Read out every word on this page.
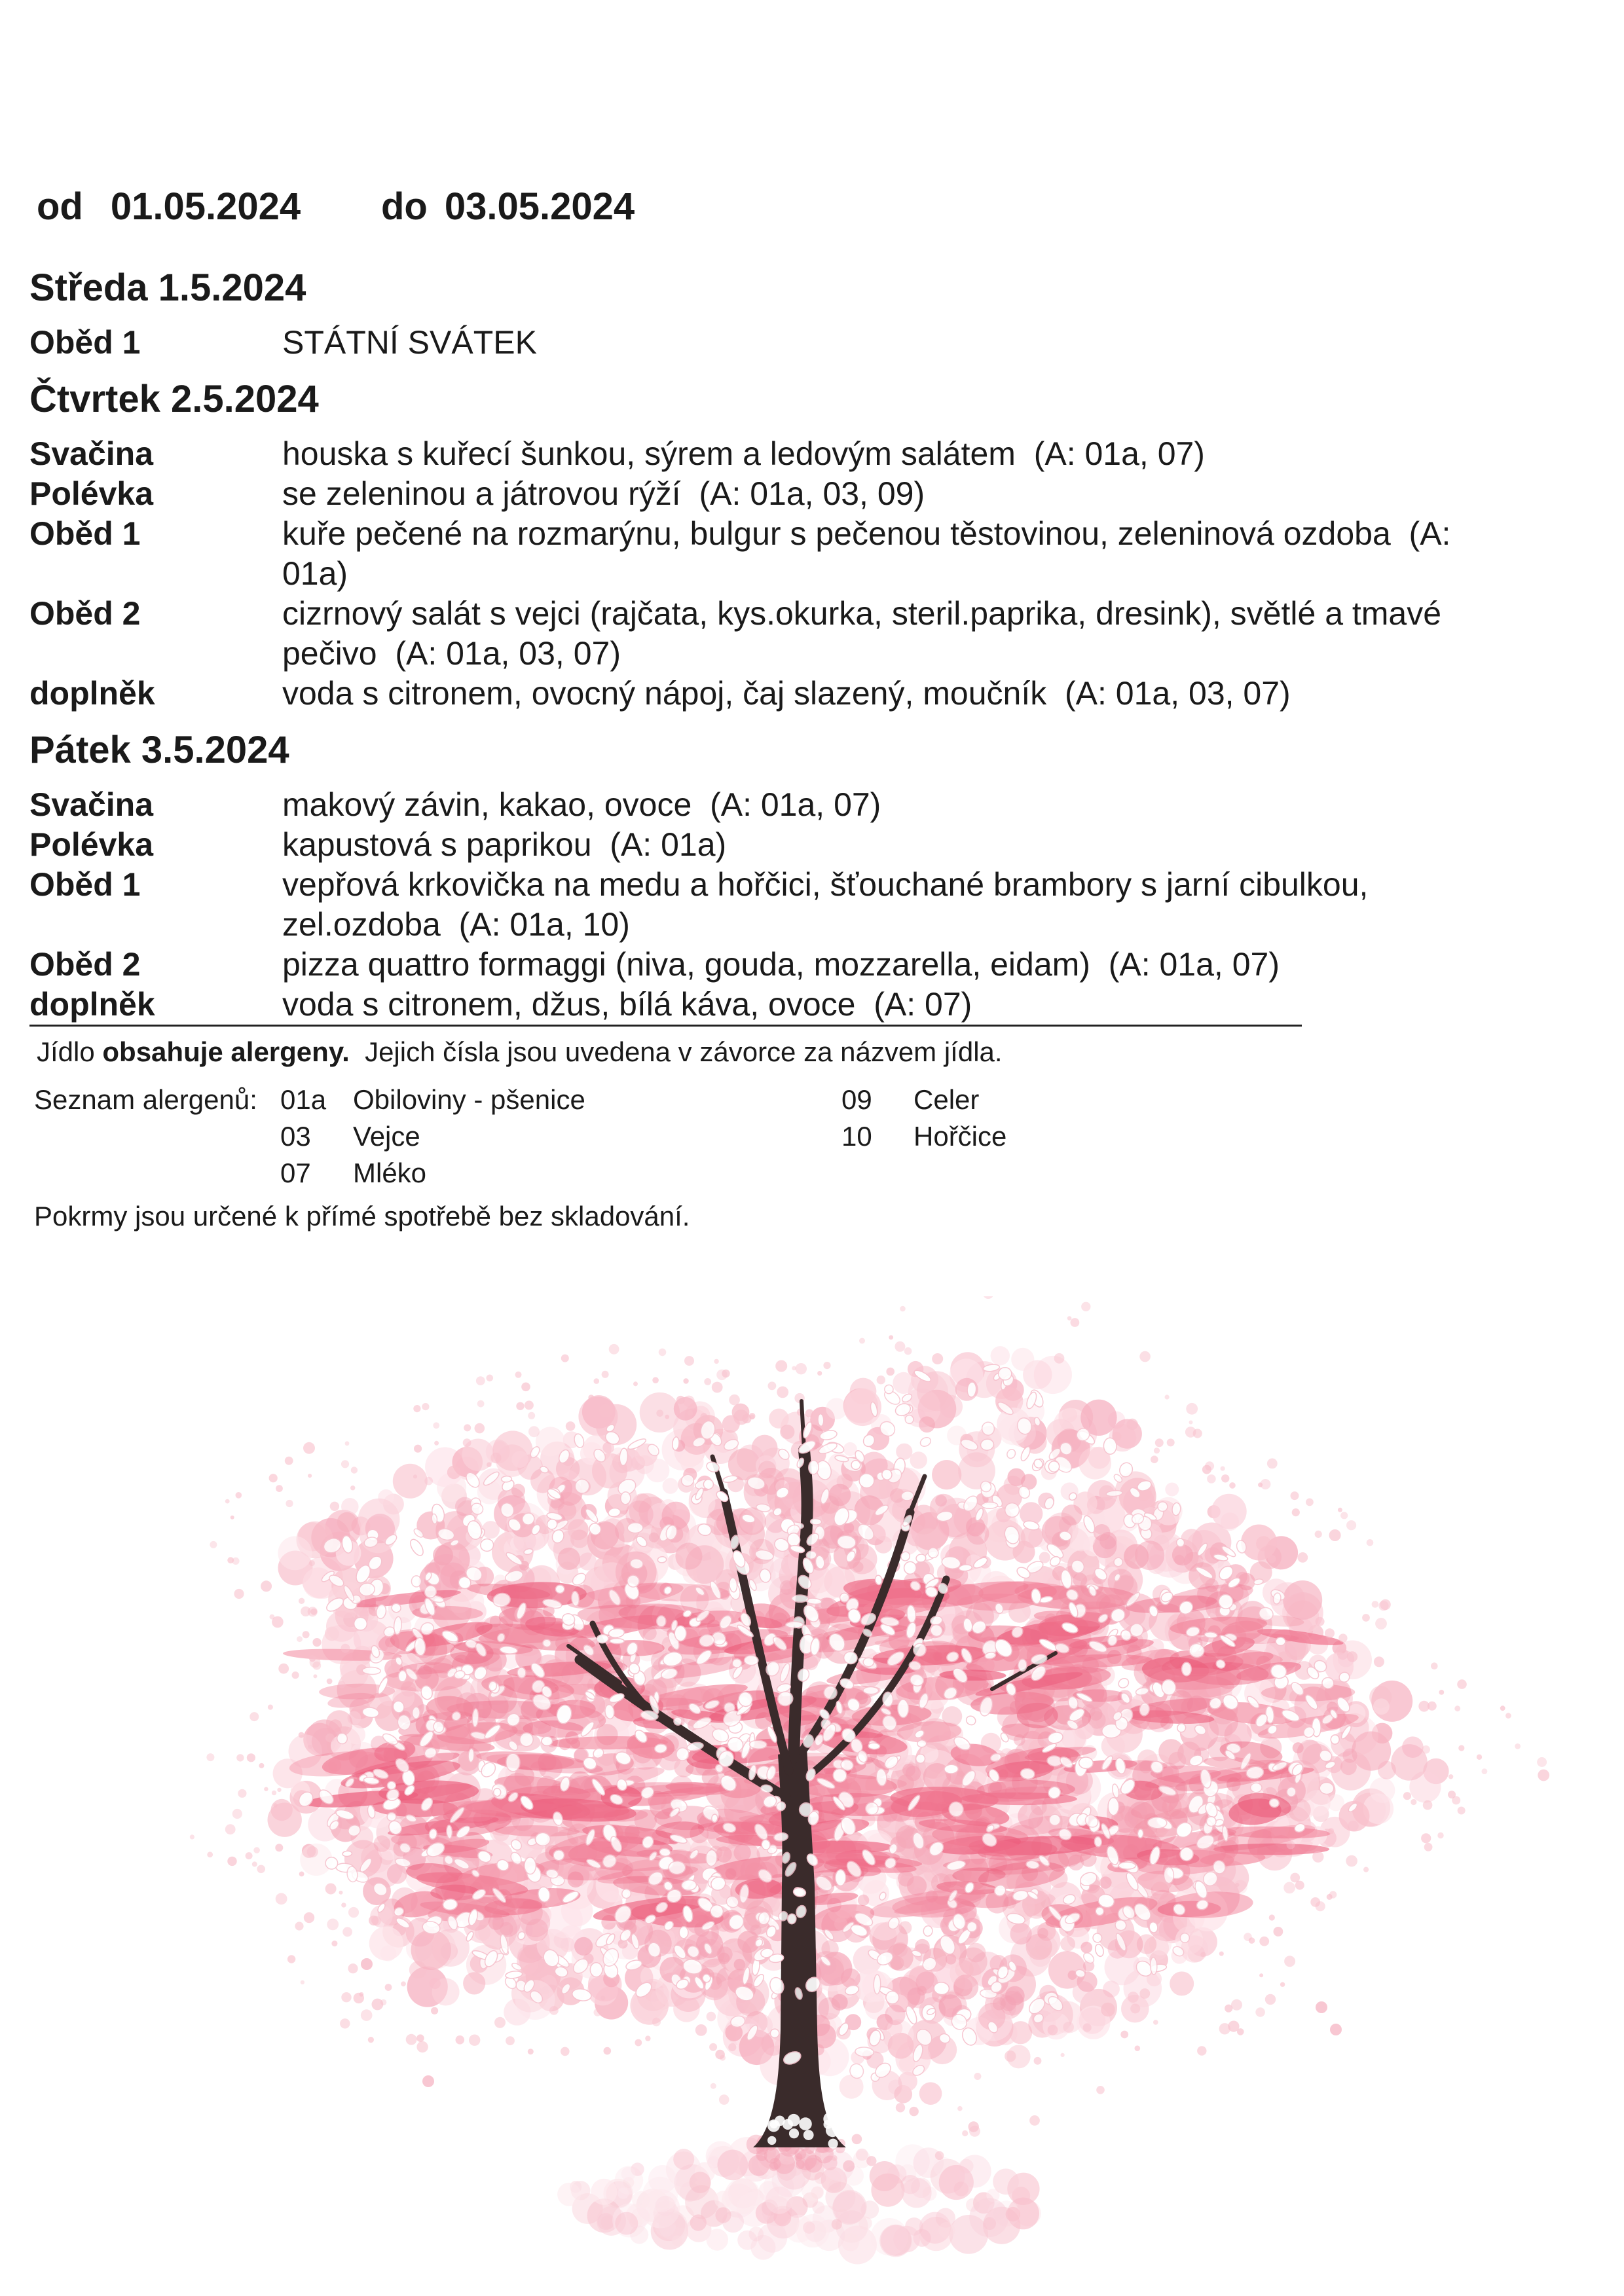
od 01.05.2024 do 03.05.2024
Středa 1.5.2024
Oběd 1	STÁTNÍ SVÁTEK
Čtvrtek 2.5.2024
Svačina	houska s kuřecí šunkou, sýrem a ledovým salátem  (A: 01a, 07)
Polévka	se zeleninou a játrovou rýží  (A: 01a, 03, 09)
Oběd 1	kuře pečené na rozmarýnu, bulgur s pečenou těstovinou, zeleninová ozdoba  (A: 01a)
Oběd 2	cizrnový salát s vejci (rajčata, kys.okurka, steril.paprika, dresink), světlé a tmavé pečivo  (A: 01a, 03, 07)
doplněk	voda s citronem, ovocný nápoj, čaj slazený, moučník  (A: 01a, 03, 07)
Pátek 3.5.2024
Svačina	makový závin, kakao, ovoce  (A: 01a, 07)
Polévka	kapustová s paprikou  (A: 01a)
Oběd 1	vepřová krkovička na medu a hořčici, šťouchané brambory s jarní cibulkou, zel.ozdoba  (A: 01a, 10)
Oběd 2	pizza quattro formaggi (niva, gouda, mozzarella, eidam)  (A: 01a, 07)
doplněk	voda s citronem, džus, bílá káva, ovoce  (A: 07)
Jídlo obsahuje alergeny.  Jejich čísla jsou uvedena v závorce za názvem jídla.
Seznam alergenů: 01a Obiloviny - pšenice
03	Vejce
07	Mléko
09	Celer
10	Hořčice
Pokrmy jsou určené k přímé spotřebě bez skladování.
